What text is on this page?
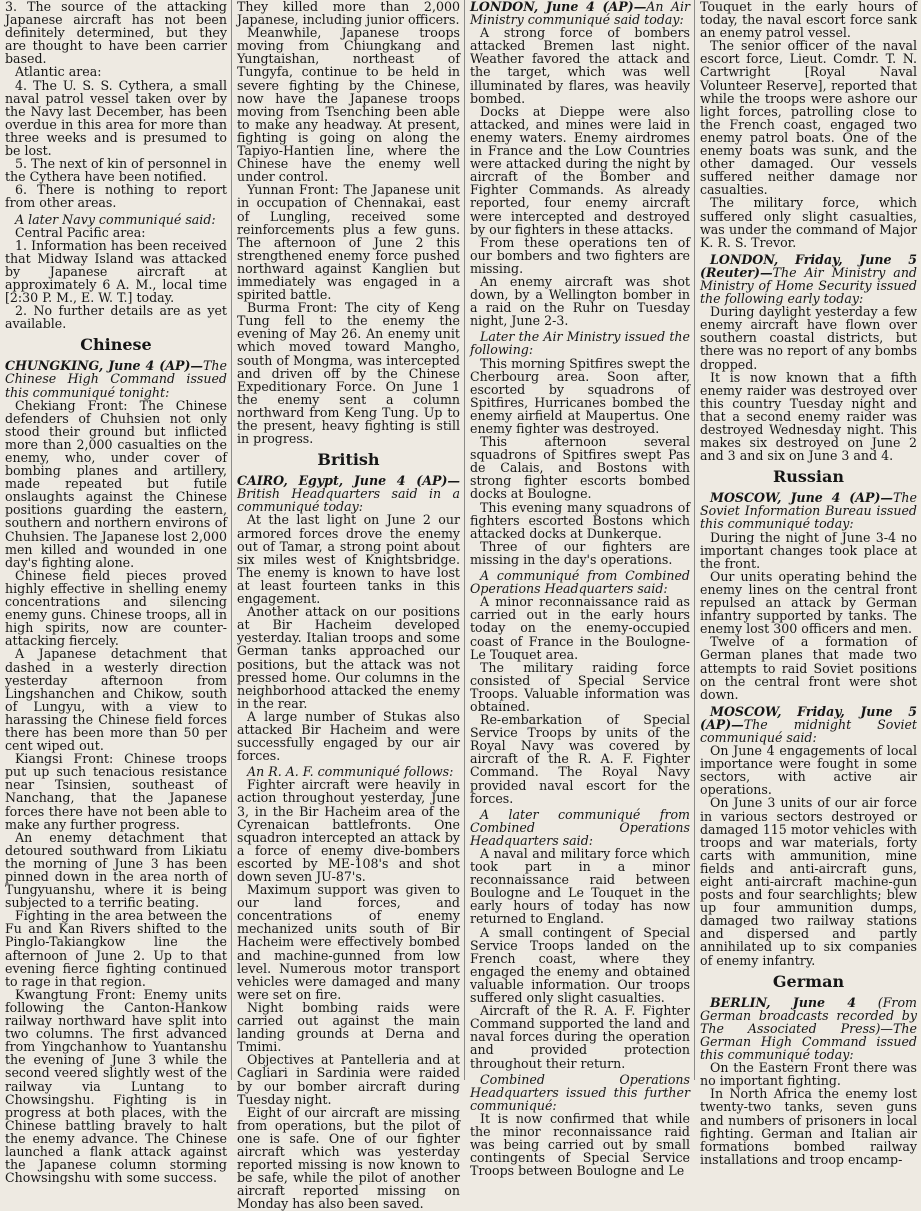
3. The source of the attacking Japanese aircraft has not been definitely determined, but they are thought to have been carrier based.

Atlantic area:

4. The U. S. S. Cythera, a small naval patrol vessel taken over by the Navy last December, has been overdue in this area for more than three weeks and is presumed to be lost.

5. The next of kin of personnel in the Cythera have been notified.

6. There is nothing to report from other areas.

A later Navy communiqué said:

Central Pacific area:

1. Information has been received that Midway Island was attacked by Japanese aircraft at approximately 6 A. M., local time [2:30 P. M., E. W. T.] today.

2. No further details are as yet available.

Chinese

CHUNGKING, June 4 (AP)—The Chinese High Command issued this communiqué tonight:

Chekiang Front: The Chinese defenders of Chuhsien not only stood their ground but inflicted more than 2,000 casualties on the enemy, who, under cover of bombing planes and artillery, made repeated but futile onslaughts against the Chinese positions guarding the eastern, southern and northern environs of Chuhsien. The Japanese lost 2,000 men killed and wounded in one day's fighting alone.

Chinese field pieces proved highly effective in shelling enemy concentrations and silencing enemy guns. Chinese troops, all in high spirits, now are counter-attacking fiercely.

A Japanese detachment that dashed in a westerly direction yesterday afternoon from Lingshanchen and Chikow, south of Lungyu, with a view to harassing the Chinese field forces there has been more than 50 per cent wiped out.

Kiangsi Front: Chinese troops put up such tenacious resistance near Tsinsien, southeast of Nanchang, that the Japanese forces there have not been able to make any further progress.

An enemy detachment that detoured southward from Likiatu the morning of June 3 has been pinned down in the area north of Tungyuanshu, where it is being subjected to a terrific beating.

Fighting in the area between the Fu and Kan Rivers shifted to the Pinglo-Takiangkow line the afternoon of June 2. Up to that evening fierce fighting continued to rage in that region.

Kwangtung Front: Enemy units following the Canton-Hankow railway northward have split into two columns. The first advanced from Yingchanhow to Yuantanshu the evening of June 3 while the second veered slightly west of the railway via Luntang to Chowsingshu. Fighting is in progress at both places, with the Chinese battling bravely to halt the enemy advance. The Chinese launched a flank attack against the Japanese column storming Chowsingshu with some success.

They killed more than 2,000 Japanese, including junior officers.

Meanwhile, Japanese troops moving from Chiungkang and Yungtaishan, northeast of Tungyfa, continue to be held in severe fighting by the Chinese, now have the Japanese troops moving from Tsenching been able to make any headway. At present, fighting is going on along the Tapiyo-Hantien line, where the Chinese have the enemy well under control.

Yunnan Front: The Japanese unit in occupation of Chennakai, east of Lungling, received some reinforcements plus a few guns. The afternoon of June 2 this strengthened enemy force pushed northward against Kanglien but immediately was engaged in a spirited battle.

Burma Front: The city of Keng Tung fell to the enemy the evening of May 26. An enemy unit which moved toward Mangho, south of Mongma, was intercepted and driven off by the Chinese Expeditionary Force. On June 1 the enemy sent a column northward from Keng Tung. Up to the present, heavy fighting is still in progress.

British

CAIRO, Egypt, June 4 (AP)—British Headquarters said in a communiqué today:

At the last light on June 2 our armored forces drove the enemy out of Tamar, a strong point about six miles west of Knightsbridge. The enemy is known to have lost at least fourteen tanks in this engagement.

Another attack on our positions at Bir Hacheim developed yesterday. Italian troops and some German tanks approached our positions, but the attack was not pressed home. Our columns in the neighborhood attacked the enemy in the rear.

A large number of Stukas also attacked Bir Hacheim and were successfully engaged by our air forces.

An R. A. F. communiqué follows:

Fighter aircraft were heavily in action throughout yesterday, June 3, in the Bir Hacheim area of the Cyrenaican battlefronts. One squadron intercepted an attack by a force of enemy dive-bombers escorted by ME-108's and shot down seven JU-87's.

Maximum support was given to our land forces, and concentrations of enemy mechanized units south of Bir Hacheim were effectively bombed and machine-gunned from low level. Numerous motor transport vehicles were damaged and many were set on fire.

Night bombing raids were carried out against the main landing grounds at Derna and Tmimi.

Objectives at Pantelleria and at Cagliari in Sardinia were raided by our bomber aircraft during Tuesday night.

Eight of our aircraft are missing from operations, but the pilot of one is safe. One of our fighter aircraft which was yesterday reported missing is now known to be safe, while the pilot of another aircraft reported missing on Monday has also been saved.

LONDON, June 4 (AP)—An Air Ministry communiqué said today:

A strong force of bombers attacked Bremen last night. Weather favored the attack and the target, which was well illuminated by flares, was heavily bombed.

Docks at Dieppe were also attacked, and mines were laid in enemy waters. Enemy airdromes in France and the Low Countries were attacked during the night by aircraft of the Bomber and Fighter Commands. As already reported, four enemy aircraft were intercepted and destroyed by our fighters in these attacks.

From these operations ten of our bombers and two fighters are missing.

An enemy aircraft was shot down, by a Wellington bomber in a raid on the Ruhr on Tuesday night, June 2-3.

Later the Air Ministry issued the following:

This morning Spitfires swept the Cherbourg area. Soon after, escorted by squadrons of Spitfires, Hurricanes bombed the enemy airfield at Maupertus. One enemy fighter was destroyed.

This afternoon several squadrons of Spitfires swept Pas de Calais, and Bostons with strong fighter escorts bombed docks at Boulogne.

This evening many squadrons of fighters escorted Bostons which attacked docks at Dunkerque.

Three of our fighters are missing in the day's operations.

A communiqué from Combined Operations Headquarters said:

A minor reconnaissance raid as carried out in the early hours today on the enemy-occupied coast of France in the Boulogne-Le Touquet area.

The military raiding force consisted of Special Service Troops. Valuable information was obtained.

Re-embarkation of Special Service Troops by units of the Royal Navy was covered by aircraft of the R. A. F. Fighter Command. The Royal Navy provided naval escort for the forces.

A later communiqué from Combined Operations Headquarters said:

A naval and military force which took part in a minor reconnaissance raid between Boulogne and Le Touquet in the early hours of today has now returned to England.

A small contingent of Special Service Troops landed on the French coast, where they engaged the enemy and obtained valuable information. Our troops suffered only slight casualties.

Aircraft of the R. A. F. Fighter Command supported the land and naval forces during the operation and provided protection throughout their return.

Combined Operations Headquarters issued this further communiqué:

It is now confirmed that while the minor reconnaissance raid was being carried out by small contingents of Special Service Troops between Boulogne and Le

Touquet in the early hours of today, the naval escort force sank an enemy patrol vessel.

The senior officer of the naval escort force, Lieut. Comdr. T. N. Cartwright [Royal Naval Volunteer Reserve], reported that while the troops were ashore our light forces, patrolling close to the French coast, engaged two enemy patrol boats. One of the enemy boats was sunk, and the other damaged. Our vessels suffered neither damage nor casualties.

The military force, which suffered only slight casualties, was under the command of Major K. R. S. Trevor.

LONDON, Friday, June 5 (Reuter)—The Air Ministry and Ministry of Home Security issued the following early today:

During daylight yesterday a few enemy aircraft have flown over southern coastal districts, but there was no report of any bombs dropped.

It is now known that a fifth enemy raider was destroyed over this country Tuesday night and that a second enemy raider was destroyed Wednesday night. This makes six destroyed on June 2 and 3 and six on June 3 and 4.

Russian

MOSCOW, June 4 (AP)—The Soviet Information Bureau issued this communiqué today:

During the night of June 3-4 no important changes took place at the front.

Our units operating behind the enemy lines on the central front repulsed an attack by German infantry supported by tanks. The enemy lost 300 officers and men.

Twelve of a formation of German planes that made two attempts to raid Soviet positions on the central front were shot down.

MOSCOW, Friday, June 5 (AP)—The midnight Soviet communiqué said:

On June 4 engagements of local importance were fought in some sectors, with active air operations.

On June 3 units of our air force in various sectors destroyed or damaged 115 motor vehicles with troops and war materials, forty carts with ammunition, mine fields and anti-aircraft guns, eight anti-aircraft machine-gun posts and four searchlights; blew up four ammunition dumps, damaged two railway stations and dispersed and partly annihilated up to six companies of enemy infantry.

German

BERLIN, June 4 (From German broadcasts recorded by The Associated Press)—The German High Command issued this communiqué today:

On the Eastern Front there was no important fighting.

In North Africa the enemy lost twenty-two tanks, seven guns and numbers of prisoners in local fighting. German and Italian air formations bombed railway installations and troop encamp-
